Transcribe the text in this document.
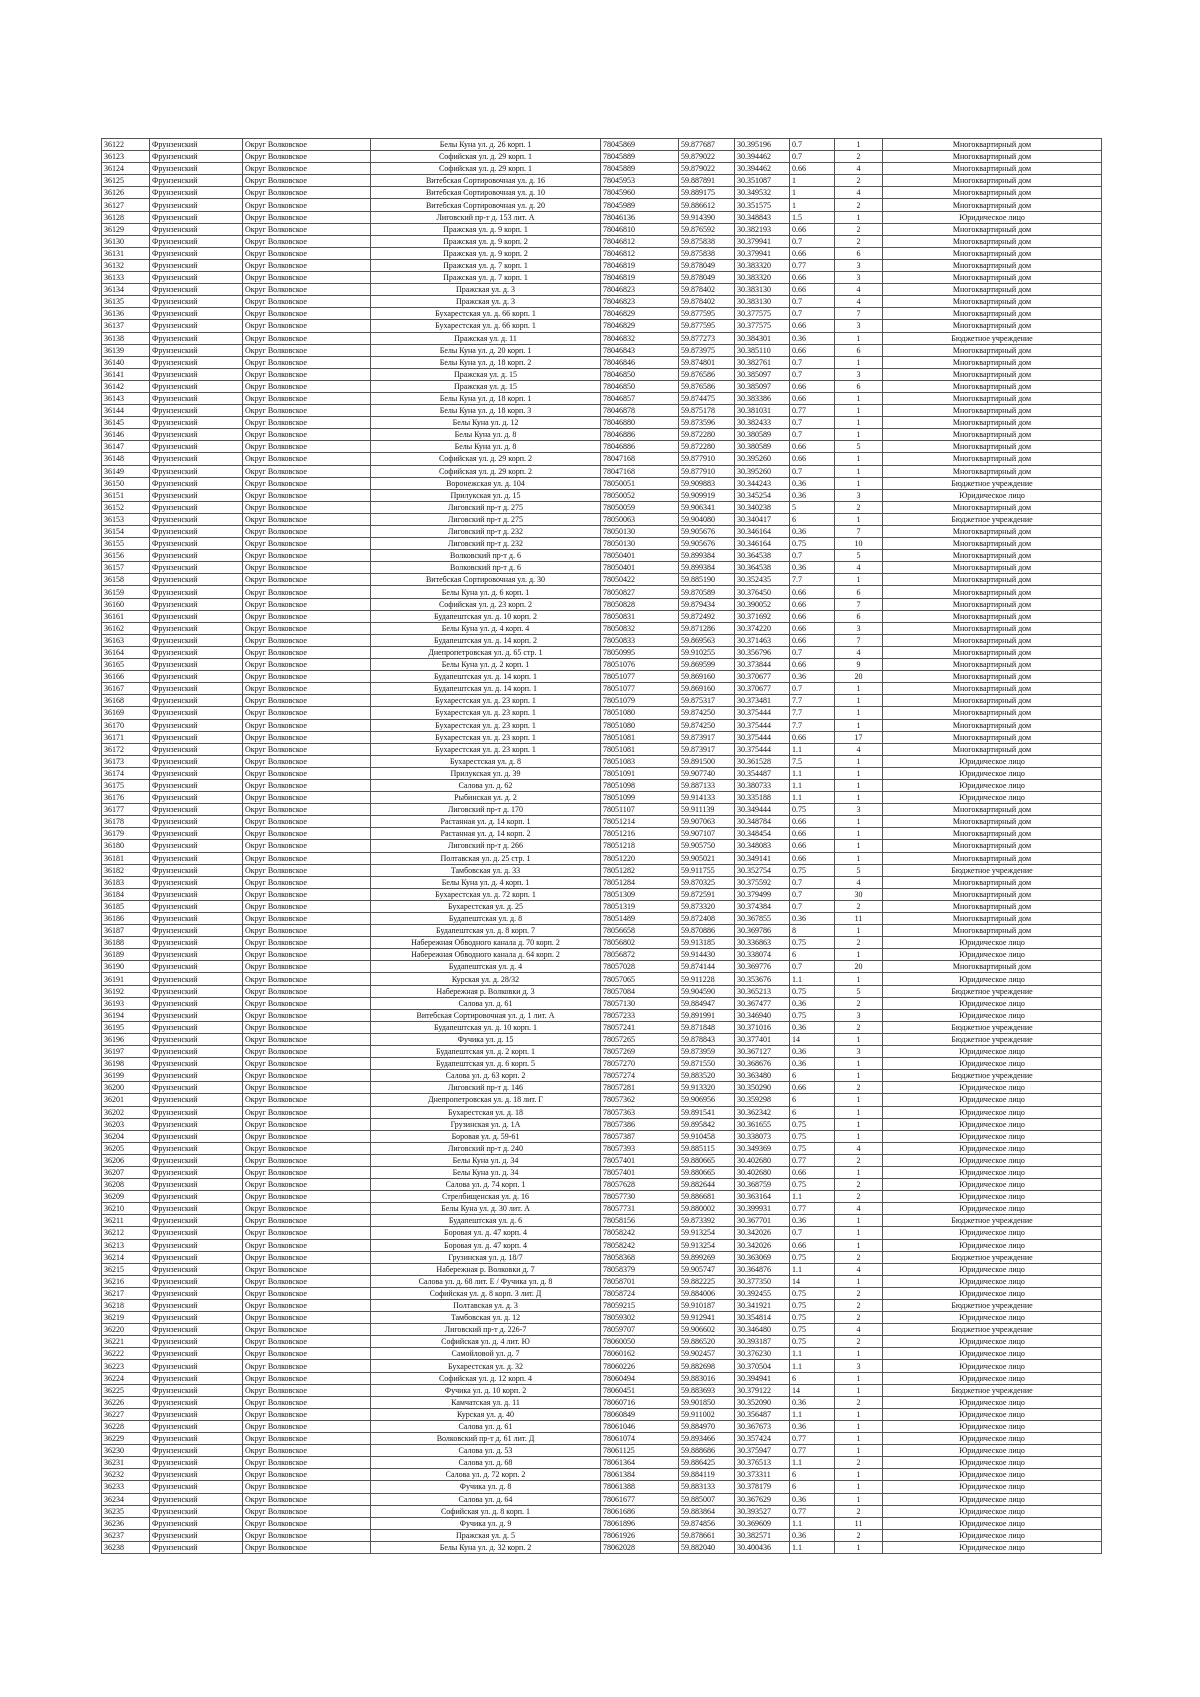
36122	Фрунзенский	Округ Волковское	Белы Куна ул. д. 26 корп. 1	78045869	59.877687	30.395196	0.7	1	Многоквартирный дом
36123	Фрунзенский	Округ Волковское	Софийская ул. д. 29 корп. 1	78045889	59.879022	30.394462	0.7	2	Многоквартирный дом
36124	Фрунзенский	Округ Волковское	Софийская ул. д. 29 корп. 1	78045889	59.879022	30.394462	0.66	4	Многоквартирный дом
36125	Фрунзенский	Округ Волковское	Витебская Сортировочная ул. д. 16	78045953	59.887891	30.351087	1	2	Многоквартирный дом
36126	Фрунзенский	Округ Волковское	Витебская Сортировочная ул. д. 10	78045960	59.889175	30.349532	1	4	Многоквартирный дом
36127	Фрунзенский	Округ Волковское	Витебская Сортировочная ул. д. 20	78045989	59.886612	30.351575	1	2	Многоквартирный дом
36128	Фрунзенский	Округ Волковское	Лиговский пр-т д. 153 лит. А	78046136	59.914390	30.348843	1.5	1	Юридическое лицо
36129	Фрунзенский	Округ Волковское	Пражская ул. д. 9 корп. 1	78046810	59.876592	30.382193	0.66	2	Многоквартирный дом
36130	Фрунзенский	Округ Волковское	Пражская ул. д. 9 корп. 2	78046812	59.875838	30.379941	0.7	2	Многоквартирный дом
36131	Фрунзенский	Округ Волковское	Пражская ул. д. 9 корп. 2	78046812	59.875838	30.379941	0.66	6	Многоквартирный дом
36132	Фрунзенский	Округ Волковское	Пражская ул. д. 7 корп. 1	78046819	59.878049	30.383320	0.77	3	Многоквартирный дом
36133	Фрунзенский	Округ Волковское	Пражская ул. д. 7 корп. 1	78046819	59.878049	30.383320	0.66	3	Многоквартирный дом
36134	Фрунзенский	Округ Волковское	Пражская ул. д. 3	78046823	59.878402	30.383130	0.66	4	Многоквартирный дом
36135	Фрунзенский	Округ Волковское	Пражская ул. д. 3	78046823	59.878402	30.383130	0.7	4	Многоквартирный дом
36136	Фрунзенский	Округ Волковское	Бухарестская ул. д. 66 корп. 1	78046829	59.877595	30.377575	0.7	7	Многоквартирный дом
36137	Фрунзенский	Округ Волковское	Бухарестская ул. д. 66 корп. 1	78046829	59.877595	30.377575	0.66	3	Многоквартирный дом
36138	Фрунзенский	Округ Волковское	Пражская ул. д. 11	78046832	59.877273	30.384301	0.36	1	Бюджетное учреждение
36139	Фрунзенский	Округ Волковское	Белы Куна ул. д. 20 корп. 1	78046843	59.873975	30.385110	0.66	6	Многоквартирный дом
36140	Фрунзенский	Округ Волковское	Белы Куна ул. д. 18 корп. 2	78046846	59.874801	30.382761	0.7	1	Многоквартирный дом
36141	Фрунзенский	Округ Волковское	Пражская ул. д. 15	78046850	59.876586	30.385097	0.7	3	Многоквартирный дом
36142	Фрунзенский	Округ Волковское	Пражская ул. д. 15	78046850	59.876586	30.385097	0.66	6	Многоквартирный дом
36143	Фрунзенский	Округ Волковское	Белы Куна ул. д. 18 корп. 1	78046857	59.874475	30.383386	0.66	1	Многоквартирный дом
36144	Фрунзенский	Округ Волковское	Белы Куна ул. д. 18 корп. 3	78046878	59.875178	30.381031	0.77	1	Многоквартирный дом
36145	Фрунзенский	Округ Волковское	Белы Куна ул. д. 12	78046880	59.873596	30.382433	0.7	1	Многоквартирный дом
36146	Фрунзенский	Округ Волковское	Белы Куна ул. д. 8	78046886	59.872280	30.380589	0.7	1	Многоквартирный дом
36147	Фрунзенский	Округ Волковское	Белы Куна ул. д. 8	78046886	59.872280	30.380589	0.66	5	Многоквартирный дом
36148	Фрунзенский	Округ Волковское	Софийская ул. д. 29 корп. 2	78047168	59.877910	30.395260	0.66	1	Многоквартирный дом
36149	Фрунзенский	Округ Волковское	Софийская ул. д. 29 корп. 2	78047168	59.877910	30.395260	0.7	1	Многоквартирный дом
36150	Фрунзенский	Округ Волковское	Воронежская ул. д. 104	78050051	59.909883	30.344243	0.36	1	Бюджетное учреждение
36151	Фрунзенский	Округ Волковское	Прилукская ул. д. 15	78050052	59.909919	30.345254	0.36	3	Юридическое лицо
36152	Фрунзенский	Округ Волковское	Лиговский пр-т д. 275	78050059	59.906341	30.340238	5	2	Многоквартирный дом
36153	Фрунзенский	Округ Волковское	Лиговский пр-т д. 275	78050063	59.904080	30.340417	6	1	Бюджетное учреждение
36154	Фрунзенский	Округ Волковское	Лиговский пр-т д. 232	78050130	59.905676	30.346164	0.36	7	Многоквартирный дом
36155	Фрунзенский	Округ Волковское	Лиговский пр-т д. 232	78050130	59.905676	30.346164	0.75	10	Многоквартирный дом
36156	Фрунзенский	Округ Волковское	Волковский пр-т д. 6	78050401	59.899384	30.364538	0.7	5	Многоквартирный дом
36157	Фрунзенский	Округ Волковское	Волковский пр-т д. 6	78050401	59.899384	30.364538	0.36	4	Многоквартирный дом
36158	Фрунзенский	Округ Волковское	Витебская Сортировочная ул. д. 30	78050422	59.885190	30.352435	7.7	1	Многоквартирный дом
36159	Фрунзенский	Округ Волковское	Белы Куна ул. д. 6 корп. 1	78050827	59.870589	30.376450	0.66	6	Многоквартирный дом
36160	Фрунзенский	Округ Волковское	Софийская ул. д. 23 корп. 2	78050828	59.879434	30.390052	0.66	7	Многоквартирный дом
36161	Фрунзенский	Округ Волковское	Будапештская ул. д. 10 корп. 2	78050831	59.872492	30.371692	0.66	6	Многоквартирный дом
36162	Фрунзенский	Округ Волковское	Белы Куна ул. д. 4 корп. 4	78050832	59.871286	30.374220	0.66	3	Многоквартирный дом
36163	Фрунзенский	Округ Волковское	Будапештская ул. д. 14 корп. 2	78050833	59.869563	30.371463	0.66	7	Многоквартирный дом
36164	Фрунзенский	Округ Волковское	Днепропетровская ул. д. 65 стр. 1	78050995	59.910255	30.356796	0.7	4	Многоквартирный дом
36165	Фрунзенский	Округ Волковское	Белы Куна ул. д. 2 корп. 1	78051076	59.869599	30.373844	0.66	9	Многоквартирный дом
36166	Фрунзенский	Округ Волковское	Будапештская ул. д. 14 корп. 1	78051077	59.869160	30.370677	0.36	20	Многоквартирный дом
36167	Фрунзенский	Округ Волковское	Будапештская ул. д. 14 корп. 1	78051077	59.869160	30.370677	0.7	1	Многоквартирный дом
36168	Фрунзенский	Округ Волковское	Бухарестская ул. д. 23 корп. 1	78051079	59.875317	30.373481	7.7	1	Многоквартирный дом
36169	Фрунзенский	Округ Волковское	Бухарестская ул. д. 23 корп. 1	78051080	59.874250	30.375444	7.7	1	Многоквартирный дом
36170	Фрунзенский	Округ Волковское	Бухарестская ул. д. 23 корп. 1	78051080	59.874250	30.375444	7.7	1	Многоквартирный дом
36171	Фрунзенский	Округ Волковское	Бухарестская ул. д. 23 корп. 1	78051081	59.873917	30.375444	0.66	17	Многоквартирный дом
36172	Фрунзенский	Округ Волковское	Бухарестская ул. д. 23 корп. 1	78051081	59.873917	30.375444	1.1	4	Многоквартирный дом
36173	Фрунзенский	Округ Волковское	Бухарестская ул. д. 8	78051083	59.891500	30.361528	7.5	1	Юридическое лицо
36174	Фрунзенский	Округ Волковское	Прилукская ул. д. 39	78051091	59.907740	30.354487	1.1	1	Юридическое лицо
36175	Фрунзенский	Округ Волковское	Салова ул. д. 62	78051098	59.887133	30.380733	1.1	1	Юридическое лицо
36176	Фрунзенский	Округ Волковское	Рыбинская ул. д. 2	78051099	59.914133	30.335188	1.1	1	Юридическое лицо
36177	Фрунзенский	Округ Волковское	Лиговский пр-т д. 170	78051107	59.911139	30.349444	0.75	3	Многоквартирный дом
36178	Фрунзенский	Округ Волковское	Растанная ул. д. 14 корп. 1	78051214	59.907063	30.348784	0.66	1	Многоквартирный дом
36179	Фрунзенский	Округ Волковское	Растанная ул. д. 14 корп. 2	78051216	59.907107	30.348454	0.66	1	Многоквартирный дом
36180	Фрунзенский	Округ Волковское	Лиговский пр-т д. 266	78051218	59.905750	30.348083	0.66	1	Многоквартирный дом
36181	Фрунзенский	Округ Волковское	Полтавская ул. д. 25 стр. 1	78051220	59.905021	30.349141	0.66	1	Многоквартирный дом
36182	Фрунзенский	Округ Волковское	Тамбовская ул. д. 33	78051282	59.911755	30.352754	0.75	5	Бюджетное учреждение
36183	Фрунзенский	Округ Волковское	Белы Куна ул. д. 4 корп. 1	78051284	59.870325	30.375592	0.7	4	Многоквартирный дом
36184	Фрунзенский	Округ Волковское	Бухарестская ул. д. 72 корп. 1	78051309	59.872591	30.379499	0.7	30	Многоквартирный дом
36185	Фрунзенский	Округ Волковское	Бухарестская ул. д. 25	78051319	59.873320	30.374384	0.7	2	Многоквартирный дом
36186	Фрунзенский	Округ Волковское	Будапештская ул. д. 8	78051489	59.872408	30.367855	0.36	11	Многоквартирный дом
36187	Фрунзенский	Округ Волковское	Будапештская ул. д. 8 корп. 7	78056658	59.870886	30.369786	8	1	Многоквартирный дом
36188	Фрунзенский	Округ Волковское	Набережная Обводного канала д. 70 корп. 2	78056802	59.913185	30.336863	0.75	2	Юридическое лицо
36189	Фрунзенский	Округ Волковское	Набережная Обводного канала д. 64 корп. 2	78056872	59.914430	30.338074	6	1	Юридическое лицо
36190	Фрунзенский	Округ Волковское	Будапештская ул. д. 4	78057028	59.874144	30.369776	0.7	20	Многоквартирный дом
36191	Фрунзенский	Округ Волковское	Курская ул. д. 28/32	78057065	59.911228	30.353676	1.1	1	Юридическое лицо
36192	Фрунзенский	Округ Волковское	Набережная р. Волковки д. 3	78057084	59.904590	30.365213	0.75	5	Бюджетное учреждение
36193	Фрунзенский	Округ Волковское	Салова ул. д. 61	78057130	59.884947	30.367477	0.36	2	Юридическое лицо
36194	Фрунзенский	Округ Волковское	Витебская Сортировочная ул. д. 1 лит. А	78057233	59.891991	30.346940	0.75	3	Юридическое лицо
36195	Фрунзенский	Округ Волковское	Будапештская ул. д. 10 корп. 1	78057241	59.871848	30.371016	0.36	2	Бюджетное учреждение
36196	Фрунзенский	Округ Волковское	Фучика ул. д. 15	78057265	59.878843	30.377401	14	1	Бюджетное учреждение
36197	Фрунзенский	Округ Волковское	Будапештская ул. д. 2 корп. 1	78057269	59.873959	30.367127	0.36	3	Юридическое лицо
36198	Фрунзенский	Округ Волковское	Будапештская ул. д. 6 корп. 5	78057270	59.871550	30.368676	0.36	1	Юридическое лицо
36199	Фрунзенский	Округ Волковское	Салова ул. д. 63 корп. 2	78057274	59.883520	30.363480	6	1	Бюджетное учреждение
36200	Фрунзенский	Округ Волковское	Лиговский пр-т д. 146	78057281	59.913320	30.350290	0.66	2	Юридическое лицо
36201	Фрунзенский	Округ Волковское	Днепропетровская ул. д. 18 лит. Г	78057362	59.906956	30.359298	6	1	Юридическое лицо
36202	Фрунзенский	Округ Волковское	Бухарестская ул. д. 18	78057363	59.891541	30.362342	6	1	Юридическое лицо
36203	Фрунзенский	Округ Волковское	Грузинская ул. д. 1А	78057386	59.895842	30.361655	0.75	1	Юридическое лицо
36204	Фрунзенский	Округ Волковское	Боровая ул. д. 59-61	78057387	59.910458	30.338073	0.75	1	Юридическое лицо
36205	Фрунзенский	Округ Волковское	Лиговский пр-т д. 240	78057393	59.885115	30.349369	0.75	4	Юридическое лицо
36206	Фрунзенский	Округ Волковское	Белы Куна ул. д. 34	78057401	59.880665	30.402680	0.77	2	Юридическое лицо
36207	Фрунзенский	Округ Волковское	Белы Куна ул. д. 34	78057401	59.880665	30.402680	0.66	1	Юридическое лицо
36208	Фрунзенский	Округ Волковское	Салова ул. д. 74 корп. 1	78057628	59.882644	30.368759	0.75	2	Юридическое лицо
36209	Фрунзенский	Округ Волковское	Стрелбищенская ул. д. 16	78057730	59.886681	30.363164	1.1	2	Юридическое лицо
36210	Фрунзенский	Округ Волковское	Белы Куна ул. д. 30 лит. А	78057731	59.880002	30.399931	0.77	4	Юридическое лицо
36211	Фрунзенский	Округ Волковское	Будапештская ул. д. 6	78058156	59.873392	30.367701	0.36	1	Бюджетное учреждение
36212	Фрунзенский	Округ Волковское	Боровая ул. д. 47 корп. 4	78058242	59.913254	30.342026	0.7	1	Юридическое лицо
36213	Фрунзенский	Округ Волковское	Боровая ул. д. 47 корп. 4	78058242	59.913254	30.342026	0.66	1	Юридическое лицо
36214	Фрунзенский	Округ Волковское	Грузинская ул. д. 18/7	78058368	59.899269	30.363069	0.75	2	Бюджетное учреждение
36215	Фрунзенский	Округ Волковское	Набережная р. Волковки д. 7	78058379	59.905747	30.364876	1.1	4	Юридическое лицо
36216	Фрунзенский	Округ Волковское	Салова ул. д. 68 лит. Е / Фучика ул. д. 8	78058701	59.882225	30.377350	14	1	Юридическое лицо
36217	Фрунзенский	Округ Волковское	Софийская ул. д. 8 корп. 3 лит. Д	78058724	59.884006	30.392455	0.75	2	Юридическое лицо
36218	Фрунзенский	Округ Волковское	Полтавская ул. д. 3	78059215	59.910187	30.341921	0.75	2	Бюджетное учреждение
36219	Фрунзенский	Округ Волковское	Тамбовская ул. д. 12	78059302	59.912941	30.354814	0.75	2	Юридическое лицо
36220	Фрунзенский	Округ Волковское	Лиговский пр-т д. 226-7	78059707	59.906602	30.346480	0.75	4	Бюджетное учреждение
36221	Фрунзенский	Округ Волковское	Софийская ул. д. 4 лит. Ю	78060050	59.886520	30.393187	0.75	2	Юридическое лицо
36222	Фрунзенский	Округ Волковское	Самойловой ул. д. 7	78060162	59.902457	30.376230	1.1	1	Юридическое лицо
36223	Фрунзенский	Округ Волковское	Бухарестская ул. д. 32	78060226	59.882698	30.370504	1.1	3	Юридическое лицо
36224	Фрунзенский	Округ Волковское	Софийская ул. д. 12 корп. 4	78060494	59.883016	30.394941	6	1	Юридическое лицо
36225	Фрунзенский	Округ Волковское	Фучика ул. д. 10 корп. 2	78060451	59.883693	30.379122	14	1	Бюджетное учреждение
36226	Фрунзенский	Округ Волковское	Камчатская ул. д. 11	78060716	59.901850	30.352090	0.36	2	Юридическое лицо
36227	Фрунзенский	Округ Волковское	Курская ул. д. 40	78060849	59.911002	30.356487	1.1	1	Юридическое лицо
36228	Фрунзенский	Округ Волковское	Салова ул. д. 61	78061046	59.884970	30.367673	0.36	1	Юридическое лицо
36229	Фрунзенский	Округ Волковское	Волковский пр-т д. 61 лит. Д	78061074	59.893466	30.357424	0.77	1	Юридическое лицо
36230	Фрунзенский	Округ Волковское	Салова ул. д. 53	78061125	59.888686	30.375947	0.77	1	Юридическое лицо
36231	Фрунзенский	Округ Волковское	Салова ул. д. 68	78061364	59.886425	30.376513	1.1	2	Юридическое лицо
36232	Фрунзенский	Округ Волковское	Салова ул. д. 72 корп. 2	78061384	59.884119	30.373311	6	1	Юридическое лицо
36233	Фрунзенский	Округ Волковское	Фучика ул. д. 8	78061388	59.883133	30.378179	6	1	Юридическое лицо
36234	Фрунзенский	Округ Волковское	Салова ул. д. 64	78061677	59.885007	30.367629	0.36	1	Юридическое лицо
36235	Фрунзенский	Округ Волковское	Софийская ул. д. 8 корп. 1	78061686	59.883864	30.393527	0.77	2	Юридическое лицо
36236	Фрунзенский	Округ Волковское	Фучика ул. д. 9	78061896	59.874856	30.369609	1.1	11	Юридическое лицо
36237	Фрунзенский	Округ Волковское	Пражская ул. д. 5	78061926	59.878661	30.382571	0.36	2	Юридическое лицо
36238	Фрунзенский	Округ Волковское	Белы Куна ул. д. 32 корп. 2	78062028	59.882040	30.400436	1.1	1	Юридическое лицо
